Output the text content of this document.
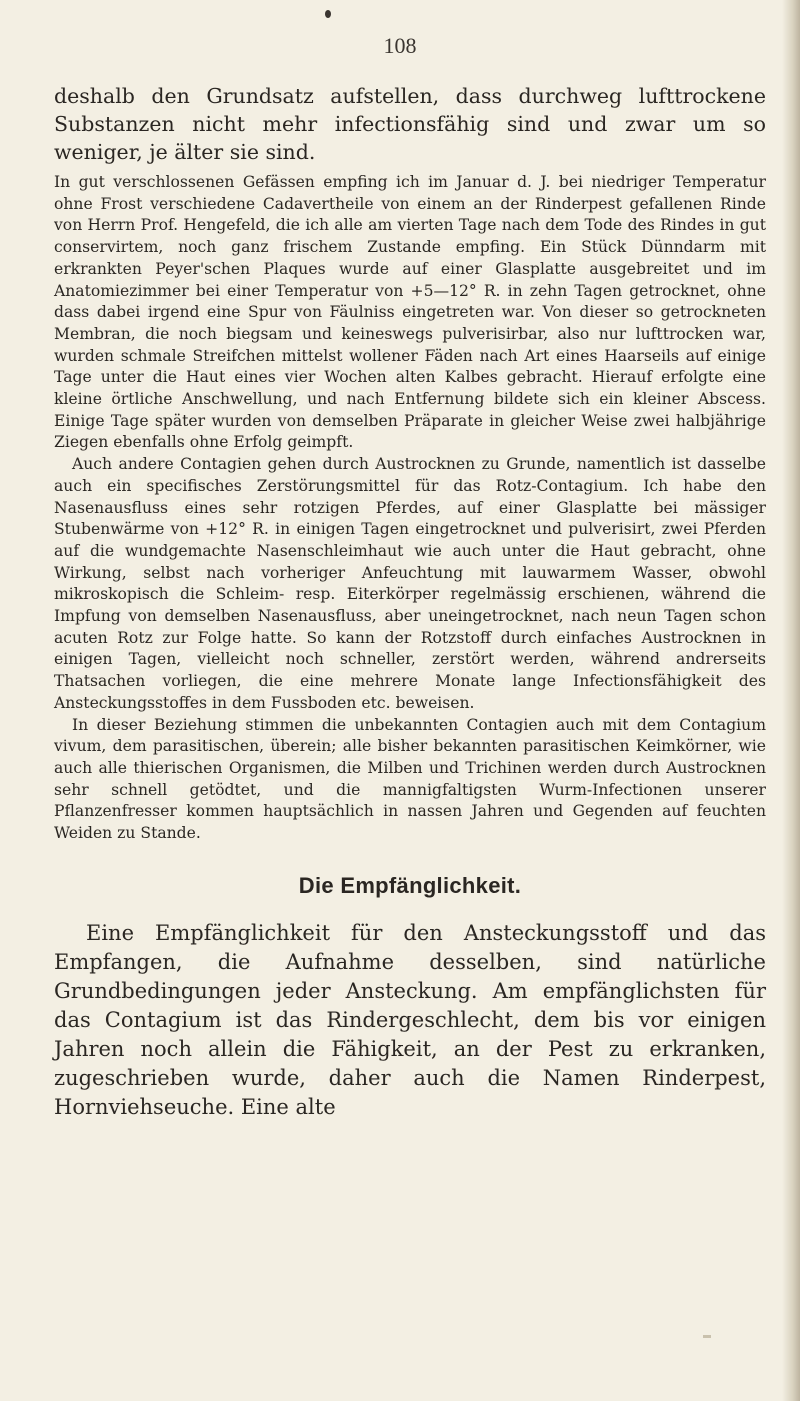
108

deshalb den Grundsatz aufstellen, dass durchweg lufttrockene Substanzen nicht mehr infectionsfähig sind und zwar um so weniger, je älter sie sind.

In gut verschlossenen Gefässen empfing ich im Januar d. J. bei niedriger Temperatur ohne Frost verschiedene Cadavertheile von einem an der Rinderpest gefallenen Rinde von Herrn Prof. Hengefeld, die ich alle am vierten Tage nach dem Tode des Rindes in gut conservirtem, noch ganz frischem Zustande empfing. Ein Stück Dünndarm mit erkrankten Peyer'schen Plaques wurde auf einer Glasplatte ausgebreitet und im Anatomiezimmer bei einer Temperatur von +5—12° R. in zehn Tagen getrocknet, ohne dass dabei irgend eine Spur von Fäulniss eingetreten war. Von dieser so getrockneten Membran, die noch biegsam und keineswegs pulverisirbar, also nur lufttrocken war, wurden schmale Streifchen mittelst wollener Fäden nach Art eines Haarseils auf einige Tage unter die Haut eines vier Wochen alten Kalbes gebracht. Hierauf erfolgte eine kleine örtliche Anschwellung, und nach Entfernung bildete sich ein kleiner Abscess. Einige Tage später wurden von demselben Präparate in gleicher Weise zwei halbjährige Ziegen ebenfalls ohne Erfolg geimpft.

Auch andere Contagien gehen durch Austrocknen zu Grunde, namentlich ist dasselbe auch ein specifisches Zerstörungsmittel für das Rotz-Contagium. Ich habe den Nasenausfluss eines sehr rotzigen Pferdes, auf einer Glasplatte bei mässiger Stubenwärme von +12° R. in einigen Tagen eingetrocknet und pulverisirt, zwei Pferden auf die wundgemachte Nasenschleimhaut wie auch unter die Haut gebracht, ohne Wirkung, selbst nach vorheriger Anfeuchtung mit lauwarmem Wasser, obwohl mikroskopisch die Schleim- resp. Eiterkörper regelmässig erschienen, während die Impfung von demselben Nasenausfluss, aber uneingetrocknet, nach neun Tagen schon acuten Rotz zur Folge hatte. So kann der Rotzstoff durch einfaches Austrocknen in einigen Tagen, vielleicht noch schneller, zerstört werden, während andrerseits Thatsachen vorliegen, die eine mehrere Monate lange Infectionsfähigkeit des Ansteckungsstoffes in dem Fussboden etc. beweisen.

In dieser Beziehung stimmen die unbekannten Contagien auch mit dem Contagium vivum, dem parasitischen, überein; alle bisher bekannten parasitischen Keimkörner, wie auch alle thierischen Organismen, die Milben und Trichinen werden durch Austrocknen sehr schnell getödtet, und die mannigfaltigsten Wurm-Infectionen unserer Pflanzenfresser kommen hauptsächlich in nassen Jahren und Gegenden auf feuchten Weiden zu Stande.

Die Empfänglichkeit.

Eine Empfänglichkeit für den Ansteckungsstoff und das Empfangen, die Aufnahme desselben, sind natürliche Grundbedingungen jeder Ansteckung. Am empfänglichsten für das Contagium ist das Rindergeschlecht, dem bis vor einigen Jahren noch allein die Fähigkeit, an der Pest zu erkranken, zugeschrieben wurde, daher auch die Namen Rinderpest, Hornviehseuche. Eine alte
